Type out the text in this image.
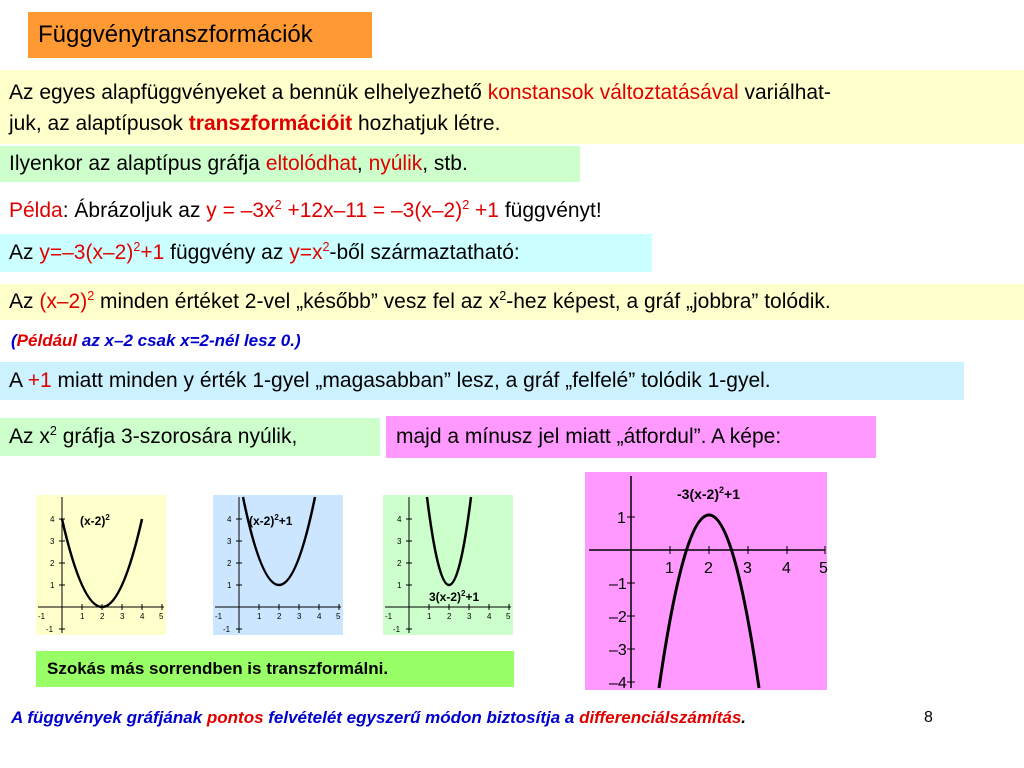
Függvénytranszformációk
Az egyes alapfüggvényeket a bennük elhelyezhető konstansok változtatásával variálhat-
juk, az alaptípusok transzformációit hozhatjuk létre.
Ilyenkor az alaptípus gráfja eltolódhat, nyúlik, stb.
Példa: Ábrázoljuk az $y = -3x^2 +12x-11 = -3(x-2)^2 +1$ függvényt!
Az $y=-3(x-2)^2+1$ függvény az $y=x^2$-ből származtatható:
Az $(x-2)^2$ minden értéket 2-vel „később” vesz fel az $x^2$-hez képest, a gráf „jobbra” tolódik.
(Például az x–2 csak x=2-nél lesz 0.)
A +1 miatt minden y érték 1-gyel „magasabban” lesz, a gráf „felfelé” tolódik 1-gyel.
Az $x^2$ gráfja 3-szorosára nyúlik,	majd a mínusz jel miatt „átfordul”. A képe:
4
3
2
1
-1
-1	1 2 3 4 5
$(x-2)^2$	4
3
2
1
-1
-1	1 2 3 4 5
$(x-2)^2+1$	4
3
2
1
-1
-1	1 2 3 4 5
$3(x-2)^2+1$
1
–1
–2
–3
–4
1 2 3 4 5
$-3(x-2)^2+1$
Szokás más sorrendben is transzformálni.
A függvények gráfjának pontos felvételét egyszerű módon biztosítja a differenciálszámítás.	8
